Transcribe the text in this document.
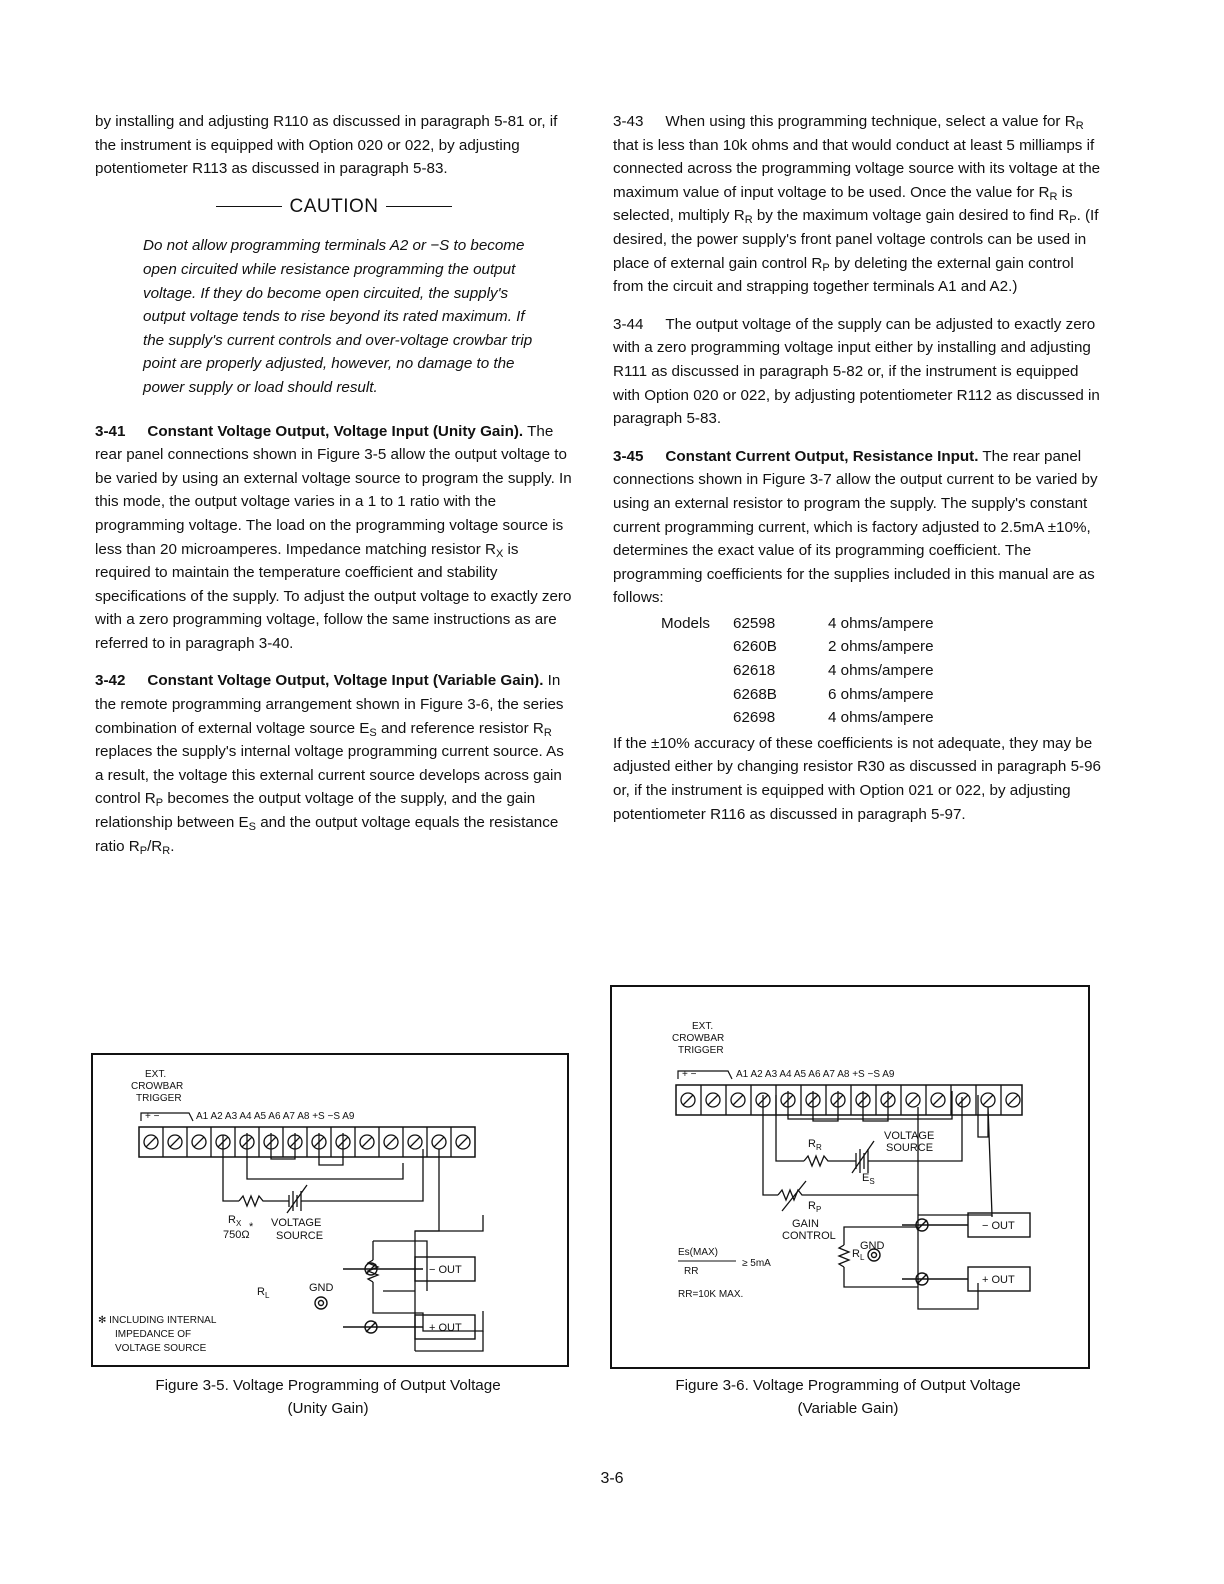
by installing and adjusting R110 as discussed in paragraph 5-81 or, if the instrument is equipped with Option 020 or 022, by adjusting potentiometer R113 as discussed in paragraph 5-83.

CAUTION

Do not allow programming terminals A2 or −S to become open circuited while resistance programming the output voltage. If they do become open circuited, the supply's output voltage tends to rise beyond its rated maximum. If the supply's current controls and over-voltage crowbar trip point are properly adjusted, however, no damage to the power supply or load should result.

3-41 Constant Voltage Output, Voltage Input (Unity Gain). The rear panel connections shown in Figure 3-5 allow the output voltage to be varied by using an external voltage source to program the supply. In this mode, the output voltage varies in a 1 to 1 ratio with the programming voltage. The load on the programming voltage source is less than 20 microamperes. Impedance matching resistor $R_X$ is required to maintain the temperature coefficient and stability specifications of the supply. To adjust the output voltage to exactly zero with a zero programming voltage, follow the same instructions as are referred to in paragraph 3-40.

3-42 Constant Voltage Output, Voltage Input (Variable Gain). In the remote programming arrangement shown in Figure 3-6, the series combination of external voltage source $E_S$ and reference resistor $R_R$ replaces the supply's internal voltage programming current source. As a result, the voltage this external current source develops across gain control $R_P$ becomes the output voltage of the supply, and the gain relationship between $E_S$ and the output voltage equals the resistance ratio $R_P/R_R$.

3-43 When using this programming technique, select a value for $R_R$ that is less than 10k ohms and that would conduct at least 5 milliamps if connected across the programming voltage source with its voltage at the maximum value of input voltage to be used. Once the value for $R_R$ is selected, multiply $R_R$ by the maximum voltage gain desired to find $R_P$. (If desired, the power supply's front panel voltage controls can be used in place of external gain control $R_P$ by deleting the external gain control from the circuit and strapping together terminals A1 and A2.)

3-44 The output voltage of the supply can be adjusted to exactly zero with a zero programming voltage input either by installing and adjusting R111 as discussed in paragraph 5-82 or, if the instrument is equipped with Option 020 or 022, by adjusting potentiometer R112 as discussed in paragraph 5-83.

3-45 Constant Current Output, Resistance Input. The rear panel connections shown in Figure 3-7 allow the output current to be varied by using an external resistor to program the supply. The supply's constant current programming current, which is factory adjusted to 2.5mA ±10%, determines the exact value of its programming coefficient. The programming coefficients for the supplies included in this manual are as follows:

Models	62598	4 ohms/ampere
	6260B	2 ohms/ampere
	62618	4 ohms/ampere
	6268B	6 ohms/ampere
	62698	4 ohms/ampere

If the ±10% accuracy of these coefficients is not adequate, they may be adjusted either by changing resistor R30 as discussed in paragraph 5-96 or, if the instrument is equipped with Option 021 or 022, by adjusting potentiometer R116 as discussed in paragraph 5-97.

EXT.
CROWBAR
TRIGGER
+ −	A1 A2 A3 A4 A5 A6 A7 A8 +S −S A9
$R_X$
750Ω
* VOLTAGE
SOURCE
$R_L$
GND
− OUT
+ OUT
✻ INCLUDING INTERNAL
IMPEDANCE OF
VOLTAGE SOURCE
Figure 3-5. Voltage Programming of Output Voltage
(Unity Gain)
EXT.
CROWBAR
TRIGGER
+ −	A1 A2 A3 A4 A5 A6 A7 A8 +S −S A9
$R_R$
VOLTAGE
SOURCE
$E_S$
$R_P$
GAIN
CONTROL
$R_L$
GND
− OUT
+ OUT
Es(MAX)
RR
≥ 5mA
RR=10K MAX.
Figure 3-6. Voltage Programming of Output Voltage
(Variable Gain)
3-6
